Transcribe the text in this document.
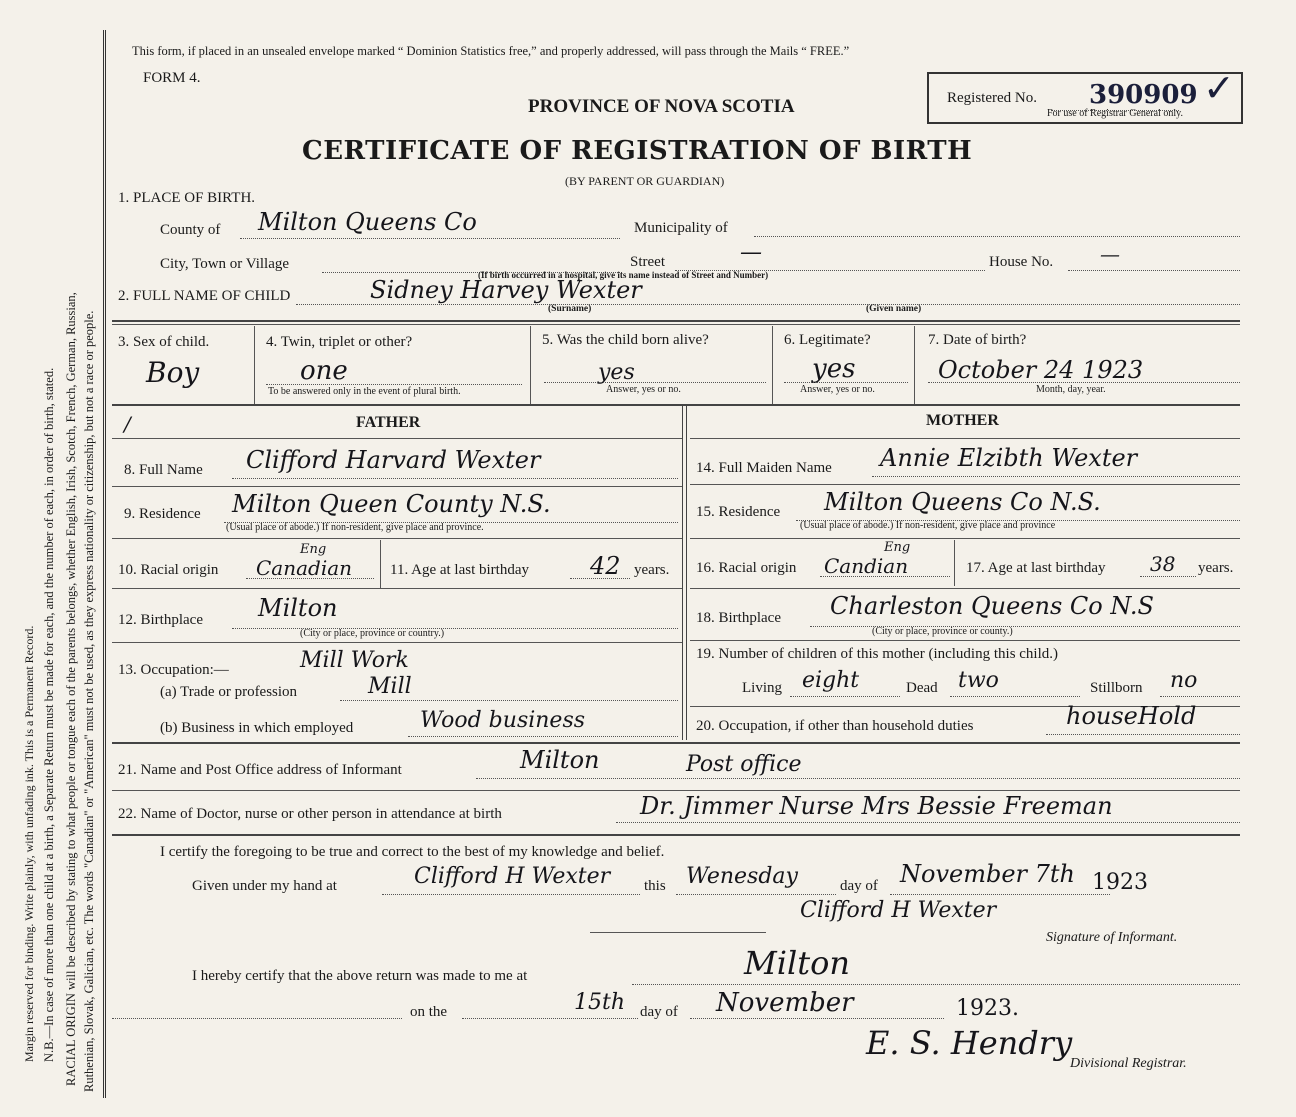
Margin reserved for binding. Write plainly, with unfading ink. This is a Permanent Record. N.B.—In case of more than one child at a birth, a Separate Return must be made for each, and the number of each, in order of birth, stated. RACIAL ORIGIN will be described by stating to what people or tongue each of the parents belongs, whether English, Irish, Scotch, French, German, Russian, Ruthenian, Slovak, Galician, etc. The words "Canadian" or "American" must not be used, as they express nationality or citizenship, but not a race or people.
This form, if placed in an unsealed envelope marked “ Dominion Statistics free,” and properly addressed, will pass through the Mails “ FREE.”
FORM 4.
PROVINCE OF NOVA SCOTIA
CERTIFICATE OF REGISTRATION OF BIRTH
(BY PARENT OR GUARDIAN)
Registered No. 390909 ✓
For use of Registrar General only.
1. PLACE OF BIRTH.
County of Milton Queens Co	Municipality of
City, Town or Village	Street	—	House No. —
(If birth occurred in a hospital, give its name instead of Street and Number)
2. FULL NAME OF CHILD	Sidney Harvey Wexter
(Surname)	(Given name)
3. Sex of child.
Boy
4. Twin, triplet or other?
one
To be answered only in the event of plural birth.
5. Was the child born alive?
yes
Answer, yes or no.
6. Legitimate?
yes
Answer, yes or no.
7. Date of birth?
October 24 1923
Month, day, year.
/	FATHER	MOTHER
8. Full Name Clifford Harvard Wexter
9. Residence Milton Queen County N.S.
(Usual place of abode.) If non-resident, give place and province.
10. Racial origin Canadian
Eng
11. Age at last birthday	42 years.
12. Birthplace Milton
(City or place, province or country.)
13. Occupation:—	Mill Work
(a) Trade or profession	Mill
(b) Business in which employed	Wood business
14. Full Maiden Name Annie Elzibth Wexter
15. Residence Milton Queens Co N.S.
(Usual place of abode.) If non-resident, give place and province
16. Racial origin Candian
Eng
17. Age at last birthday 38 years.
18. Birthplace Charleston Queens Co N.S
(City or place, province or county.)
19. Number of children of this mother (including this child.)
Living eight	Dead two	Stillborn no
20. Occupation, if other than household duties	houseHold
21. Name and Post Office address of Informant	Milton	Post office
22. Name of Doctor, nurse or other person in attendance at birth	Dr. Jimmer Nurse Mrs Bessie Freeman
I certify the foregoing to be true and correct to the best of my knowledge and belief.
Given under my hand at	Clifford H Wexter this Wenesday	day of November 7th 1923
Clifford H Wexter
Signature of Informant.
I hereby certify that the above return was made to me at	Milton
on the	15th day of November	1923.
E. S. Hendry
Divisional Registrar.
